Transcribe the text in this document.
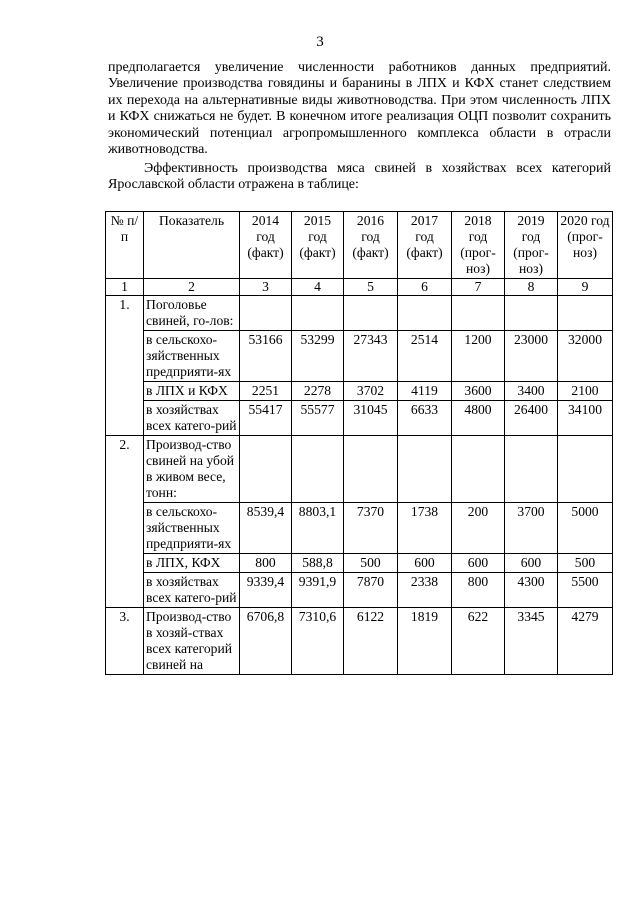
3

предполагается увеличение численности работников данных предприятий. Увеличение производства говядины и баранины в ЛПХ и КФХ станет следствием их перехода на альтернативные виды животноводства. При этом численность ЛПХ и КФХ снижаться не будет. В конечном итоге реализация ОЦП позволит сохранить экономический потенциал агропромышленного комплекса области в отрасли животноводства.

Эффективность производства мяса свиней в хозяйствах всех категорий Ярославской области отражена в таблице:

№ п/п	Показатель	2014 год (факт)	2015 год (факт)	2016 год (факт)	2017 год (факт)	2018 год (прог-ноз)	2019 год (прог-ноз)	2020 год (прог-ноз)
1	2	3	4	5	6	7	8	9
1.	Поголовье свиней, го-лов:							
	в сельскохо-зяйственных предприяти-ях	53166	53299	27343	2514	1200	23000	32000
	в ЛПХ и КФХ	2251	2278	3702	4119	3600	3400	2100
	в хозяйствах всех катего-рий	55417	55577	31045	6633	4800	26400	34100
2.	Производ-ство свиней на убой в живом весе, тонн:							
	в сельскохо-зяйственных предприяти-ях	8539,4	8803,1	7370	1738	200	3700	5000
	в ЛПХ, КФХ	800	588,8	500	600	600	600	500
	в хозяйствах всех катего-рий	9339,4	9391,9	7870	2338	800	4300	5500
3.	Производ-ство в хозяй-ствах всех категорий свиней на	6706,8	7310,6	6122	1819	622	3345	4279
